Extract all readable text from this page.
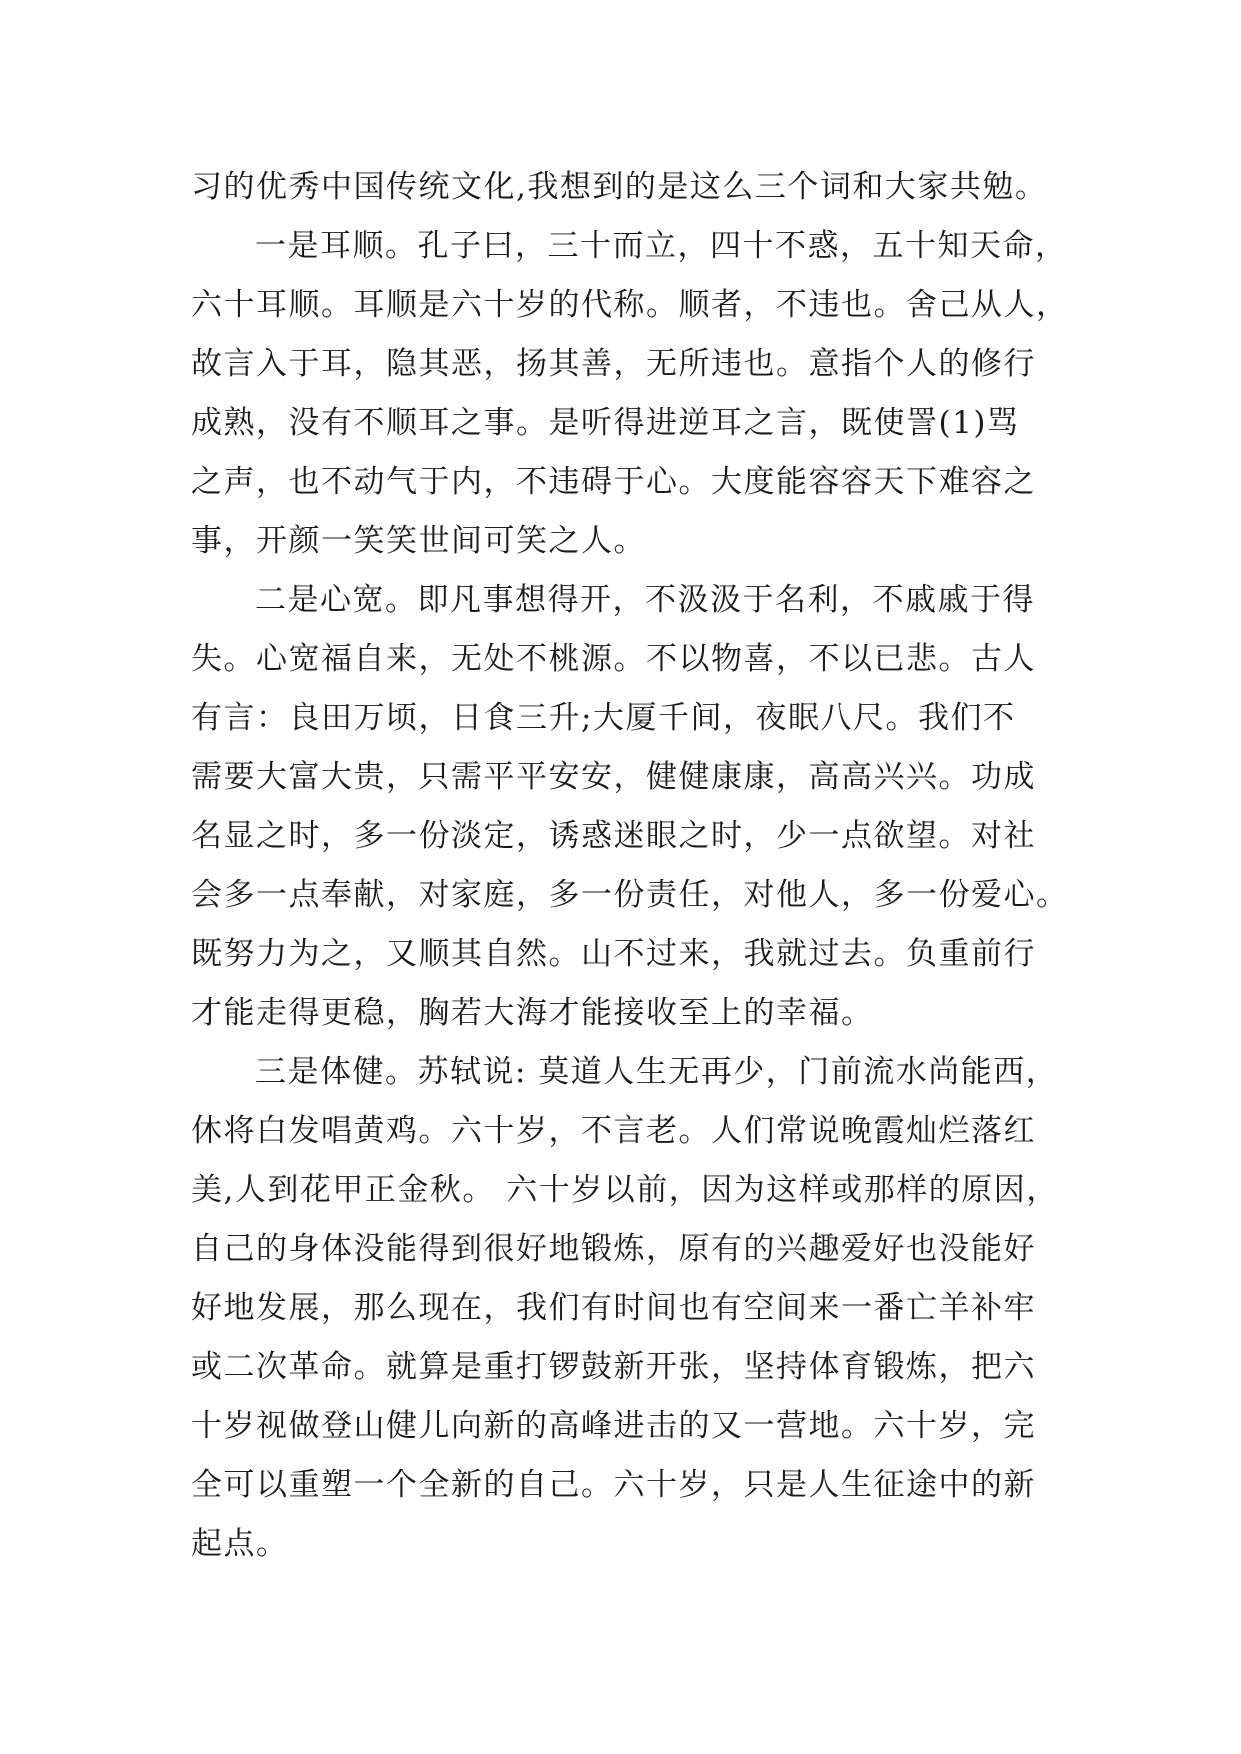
习的优秀中国传统文化,我想到的是这么三个词和大家共勉。
一是耳顺。孔子曰，三十而立，四十不惑，五十知天命，
六十耳顺。耳顺是六十岁的代称。顺者，不违也。舍己从人，
故言入于耳，隐其恶，扬其善，无所违也。意指个人的修行
成熟，没有不顺耳之事。是听得进逆耳之言，既使詈(1)骂
之声，也不动气于内，不违碍于心。大度能容容天下难容之
事，开颜一笑笑世间可笑之人。
二是心宽。即凡事想得开，不汲汲于名利，不戚戚于得
失。心宽福自来，无处不桃源。不以物喜，不以已悲。古人
有言：良田万顷，日食三升;大厦千间，夜眠八尺。我们不
需要大富大贵，只需平平安安，健健康康，高高兴兴。功成
名显之时，多一份淡定，诱惑迷眼之时，少一点欲望。对社
会多一点奉献，对家庭，多一份责任，对他人，多一份爱心。
既努力为之，又顺其自然。山不过来，我就过去。负重前行
才能走得更稳，胸若大海才能接收至上的幸福。
三是体健。苏轼说: 莫道人生无再少，门前流水尚能西，
休将白发唱黄鸡。六十岁，不言老。人们常说晚霞灿烂落红
美,人到花甲正金秋。 六十岁以前，因为这样或那样的原因，
自己的身体没能得到很好地锻炼，原有的兴趣爱好也没能好
好地发展，那么现在，我们有时间也有空间来一番亡羊补牢
或二次革命。就算是重打锣鼓新开张，坚持体育锻炼，把六
十岁视做登山健儿向新的高峰进击的又一营地。六十岁，完
全可以重塑一个全新的自己。六十岁，只是人生征途中的新
起点。
